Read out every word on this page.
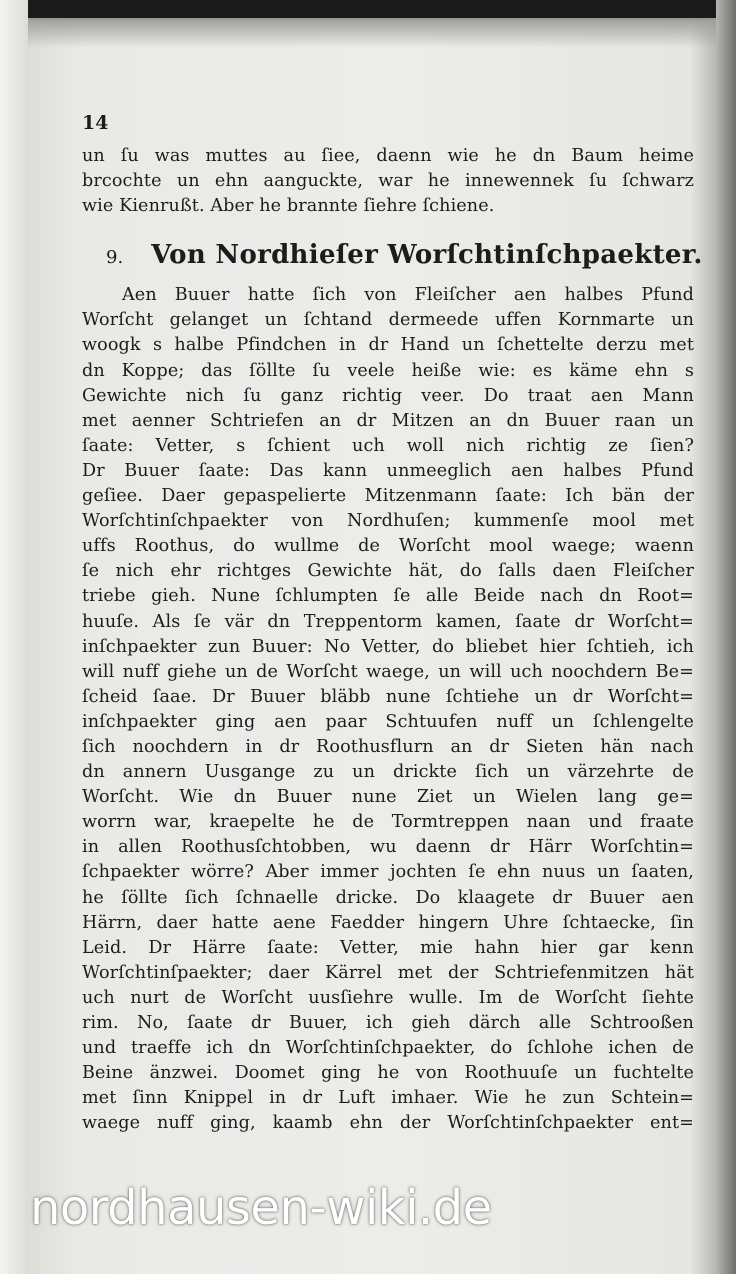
14
un ſu was muttes au ſiee, daenn wie he dn Baum heime
brcochte un ehn aanguckte, war he innewennek ſu ſchwarz
wie Kienrußt. Aber he brannte ſiehre ſchiene.
9. Von Nordhieſer Worſchtinſchpaekter.
Aen Buuer hatte ſich von Fleiſcher aen halbes Pfund
Worſcht gelanget un ſchtand dermeede uffen Kornmarte un
woogk s halbe Pfindchen in dr Hand un ſchettelte derzu met
dn Koppe; das ſöllte ſu veele heiße wie: es käme ehn s
Gewichte nich ſu ganz richtig veer. Do traat aen Mann
met aenner Schtriefen an dr Mitzen an dn Buuer raan un
ſaate: Vetter, s ſchient uch woll nich richtig ze ſien?
Dr Buuer ſaate: Das kann unmeeglich aen halbes Pfund
geſiee. Daer gepaspelierte Mitzenmann ſaate: Ich bän der
Worſchtinſchpaekter von Nordhuſen; kummenſe mool met
uffs Roothus, do wullme de Worſcht mool waege; waenn
ſe nich ehr richtges Gewichte hät, do ſalls daen Fleiſcher
triebe gieh. Nune ſchlumpten ſe alle Beide nach dn Root=
huuſe. Als ſe vär dn Treppentorm kamen, ſaate dr Worſcht=
inſchpaekter zun Buuer: No Vetter, do bliebet hier ſchtieh, ich
will nuff giehe un de Worſcht waege, un will uch noochdern Be=
ſcheid ſaae. Dr Buuer bläbb nune ſchtiehe un dr Worſcht=
inſchpaekter ging aen paar Schtuufen nuff un ſchlengelte
ſich noochdern in dr Roothusflurn an dr Sieten hän nach
dn annern Uusgange zu un drickte ſich un värzehrte de
Worſcht. Wie dn Buuer nune Ziet un Wielen lang ge=
worrn war, kraepelte he de Tormtreppen naan und fraate
in allen Roothusſchtobben, wu daenn dr Härr Worſchtin=
ſchpaekter wörre? Aber immer jochten ſe ehn nuus un ſaaten,
he ſöllte ſich ſchnaelle dricke. Do klaagete dr Buuer aen
Härrn, daer hatte aene Faedder hingern Uhre ſchtaecke, ſin
Leid. Dr Härre ſaate: Vetter, mie hahn hier gar kenn
Worſchtinſpaekter; daer Kärrel met der Schtriefenmitzen hät
uch nurt de Worſcht uusſiehre wulle. Im de Worſcht ſiehte
rim. No, ſaate dr Buuer, ich gieh därch alle Schtrooßen
und traeffe ich dn Worſchtinſchpaekter, do ſchlohe ichen de
Beine änzwei. Doomet ging he von Roothuuſe un fuchtelte
met ſinn Knippel in dr Luft imhaer. Wie he zun Schtein=
waege nuff ging, kaamb ehn der Worſchtinſchpaekter ent=
nordhausen-wiki.de
